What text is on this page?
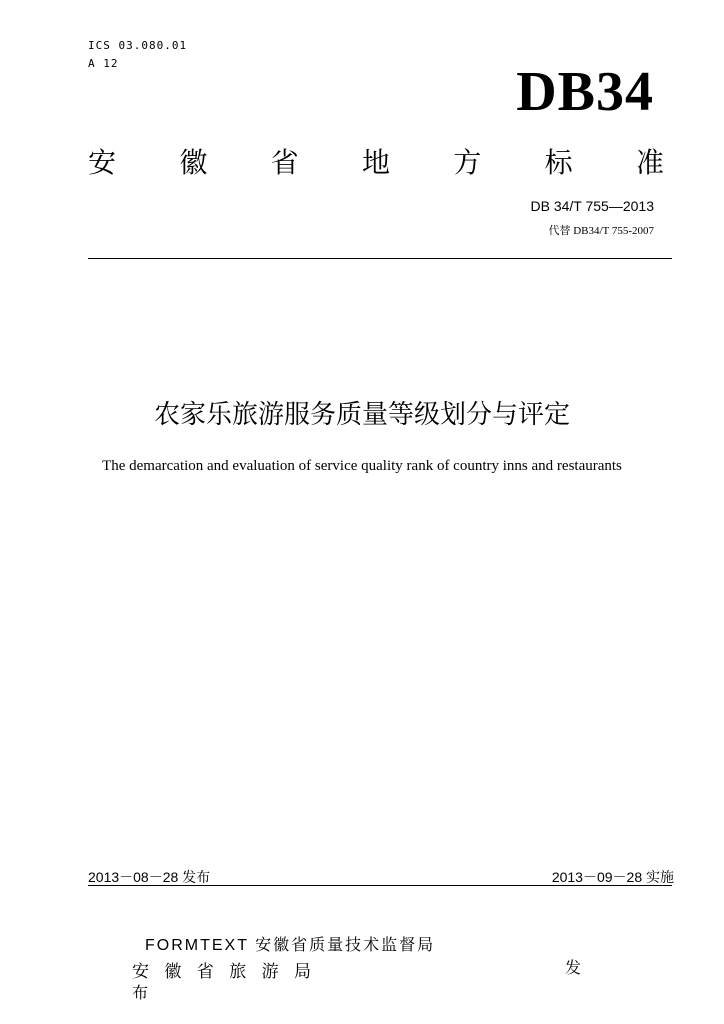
ICS 03.080.01
A 12	DB34
安 徽 省 地 方 标 准
DB 34/T 755—2013
代替 DB34/T 755-2007
农家乐旅游服务质量等级划分与评定
The demarcation and evaluation of service quality rank of country inns and restaurants
2013－08－28 发布	2013－09－28 实施
FORMTEXT 安徽省质量技术监督局
安 徽 省 旅 游 局	发
布
